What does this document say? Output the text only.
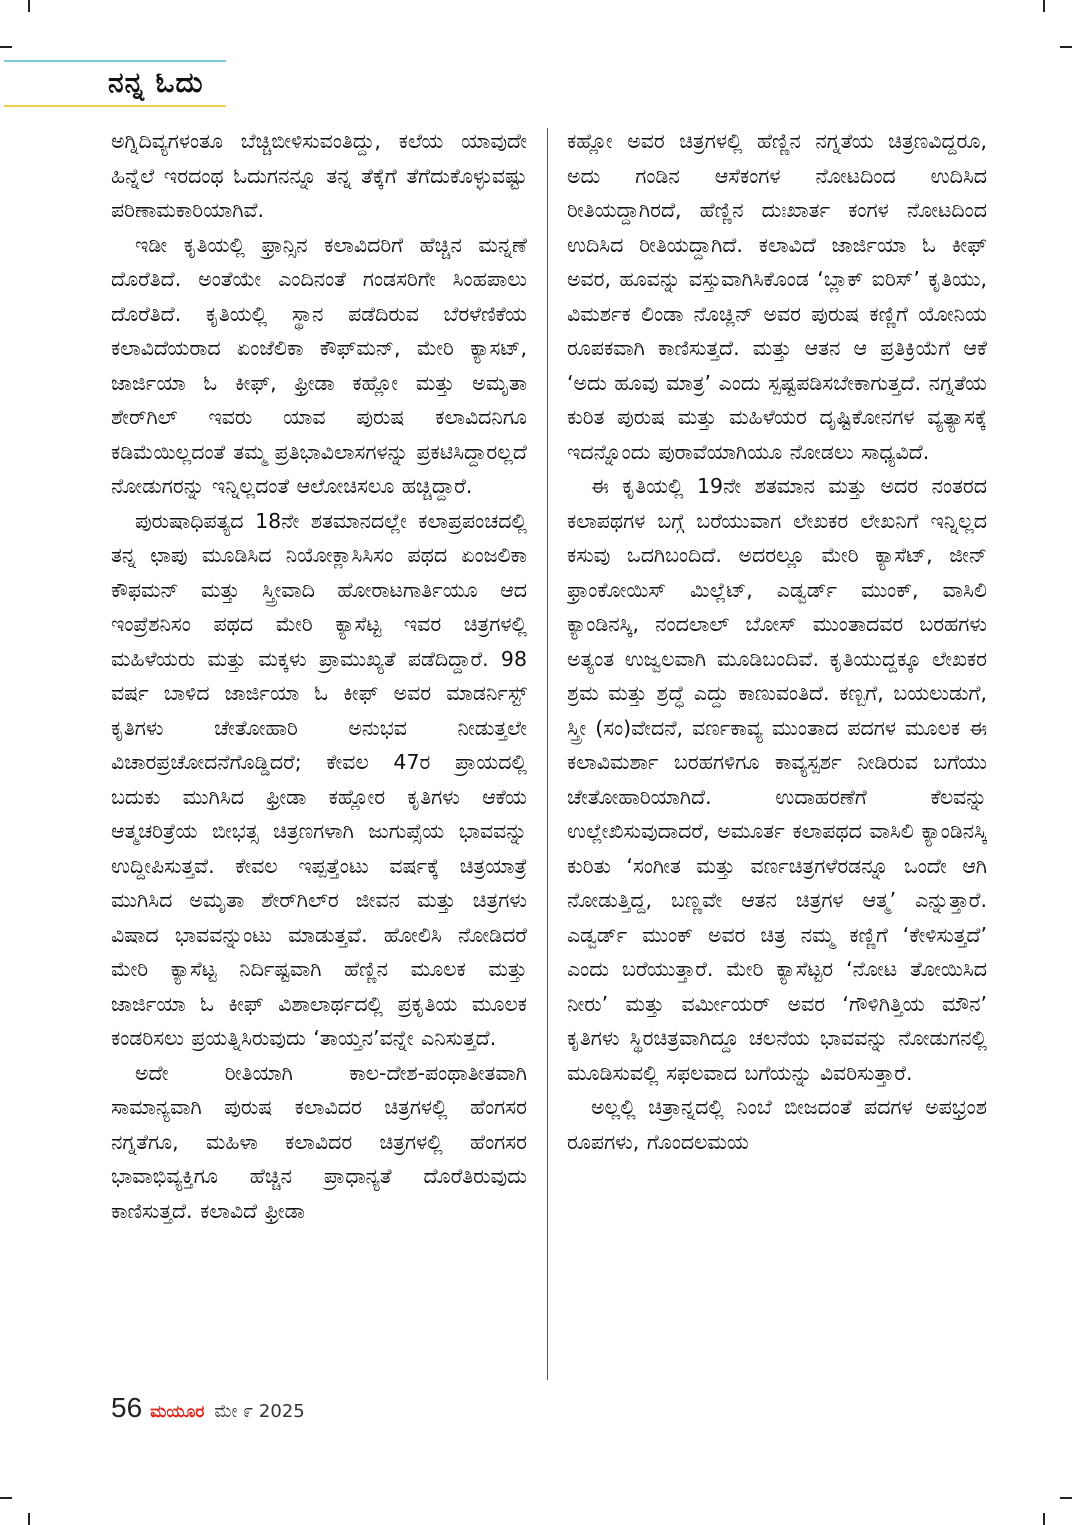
ನನ್ನ ಓದು

ಅಗ್ನಿದಿವ್ಯಗಳಂತೂ ಬೆಚ್ಚಿಬೀಳಿಸುವಂತಿದ್ದು, ಕಲೆಯ ಯಾವುದೇ ಹಿನ್ನೆಲೆ ಇರದಂಥ ಓದುಗನನ್ನೂ ತನ್ನ ತೆಕ್ಕೆಗೆ ತೆಗೆದುಕೊಳ್ಳುವಷ್ಟು ಪರಿಣಾಮಕಾರಿಯಾಗಿವೆ.

ಇಡೀ ಕೃತಿಯಲ್ಲಿ ಫ್ರಾನ್ಸಿನ ಕಲಾವಿದರಿಗೆ ಹೆಚ್ಚಿನ ಮನ್ನಣೆ ದೊರೆತಿದೆ. ಅಂತೆಯೇ ಎಂದಿನಂತೆ ಗಂಡಸರಿಗೇ ಸಿಂಹಪಾಲು ದೊರೆತಿದೆ. ಕೃತಿಯಲ್ಲಿ ಸ್ಥಾನ ಪಡೆದಿರುವ ಬೆರಳೆಣಿಕೆಯ ಕಲಾವಿದೆಯರಾದ ಏಂಜೆಲಿಕಾ ಕೌಫ್‌ಮನ್, ಮೇರಿ ಕ್ಯಾಸಟ್, ಜಾರ್ಜಿಯಾ ಓ ಕೀಫ್, ಫ್ರೀಡಾ ಕಹ್ಲೋ ಮತ್ತು ಅಮೃತಾ ಶೇರ್‌ಗಿಲ್ ಇವರು ಯಾವ ಪುರುಷ ಕಲಾವಿದನಿಗೂ ಕಡಿಮೆಯಿಲ್ಲದಂತೆ ತಮ್ಮ ಪ್ರತಿಭಾವಿಲಾಸಗಳನ್ನು ಪ್ರಕಟಿಸಿದ್ದಾರಲ್ಲದೆ ನೋಡುಗರನ್ನು ಇನ್ನಿಲ್ಲದಂತೆ ಆಲೋಚಿಸಲೂ ಹಚ್ಚಿದ್ದಾರೆ.

ಪುರುಷಾಧಿಪತ್ಯದ 18ನೇ ಶತಮಾನದಲ್ಲೇ ಕಲಾಪ್ರಪಂಚದಲ್ಲಿ ತನ್ನ ಛಾಪು ಮೂಡಿಸಿದ ನಿಯೋಕ್ಲಾಸಿಸಿಸಂ ಪಥದ ಏಂಜಲಿಕಾ ಕೌಫಮನ್ ಮತ್ತು ಸ್ತ್ರೀವಾದಿ ಹೋರಾಟಗಾರ್ತಿಯೂ ಆದ ಇಂಪ್ರೆಶನಿಸಂ ಪಥದ ಮೇರಿ ಕ್ಯಾಸೆಟ್ಟ ಇವರ ಚಿತ್ರಗಳಲ್ಲಿ ಮಹಿಳೆಯರು ಮತ್ತು ಮಕ್ಕಳು ಪ್ರಾಮುಖ್ಯತೆ ಪಡೆದಿದ್ದಾರೆ. 98 ವರ್ಷ ಬಾಳಿದ ಜಾರ್ಜಿಯಾ ಓ ಕೀಫ್ ಅವರ ಮಾಡರ್ನಿಸ್ಟ್ ಕೃತಿಗಳು ಚೇತೋಹಾರಿ ಅನುಭವ ನೀಡುತ್ತಲೇ ವಿಚಾರಪ್ರಚೋದನೆಗೊಡ್ಡಿದರೆ; ಕೇವಲ 47ರ ಪ್ರಾಯದಲ್ಲಿ ಬದುಕು ಮುಗಿಸಿದ ಫ್ರೀಡಾ ಕಹ್ಲೋರ ಕೃತಿಗಳು ಆಕೆಯ ಆತ್ಮಚರಿತ್ರೆಯ ಬೀಭತ್ಸ ಚಿತ್ರಣಗಳಾಗಿ ಜುಗುಪ್ಸೆಯ ಭಾವವನ್ನು ಉದ್ದೀಪಿಸುತ್ತವೆ. ಕೇವಲ ಇಪ್ಪತ್ತೆಂಟು ವರ್ಷಕ್ಕೆ ಚಿತ್ರಯಾತ್ರೆ ಮುಗಿಸಿದ ಅಮೃತಾ ಶೇರ್‌ಗಿಲ್‌ರ ಜೀವನ ಮತ್ತು ಚಿತ್ರಗಳು ವಿಷಾದ ಭಾವವನ್ನುಂಟು ಮಾಡುತ್ತವೆ. ಹೋಲಿಸಿ ನೋಡಿದರೆ ಮೇರಿ ಕ್ಯಾಸೆಟ್ಟ ನಿರ್ದಿಷ್ಟವಾಗಿ ಹೆಣ್ಣಿನ ಮೂಲಕ ಮತ್ತು ಜಾರ್ಜಿಯಾ ಓ ಕೀಫ್ ವಿಶಾಲಾರ್ಥದಲ್ಲಿ ಪ್ರಕೃತಿಯ ಮೂಲಕ ಕಂಡರಿಸಲು ಪ್ರಯತ್ನಿಸಿರುವುದು ‘ತಾಯ್ತನ’ವನ್ನೇ ಎನಿಸುತ್ತದೆ.

ಅದೇ ರೀತಿಯಾಗಿ ಕಾಲ-ದೇಶ-ಪಂಥಾತೀತವಾಗಿ ಸಾಮಾನ್ಯವಾಗಿ ಪುರುಷ ಕಲಾವಿದರ ಚಿತ್ರಗಳಲ್ಲಿ ಹೆಂಗಸರ ನಗ್ನತೆಗೂ, ಮಹಿಳಾ ಕಲಾವಿದರ ಚಿತ್ರಗಳಲ್ಲಿ ಹೆಂಗಸರ ಭಾವಾಭಿವ್ಯಕ್ತಿಗೂ ಹೆಚ್ಚಿನ ಪ್ರಾಧಾನ್ಯತೆ ದೊರೆತಿರುವುದು ಕಾಣಿಸುತ್ತದೆ. ಕಲಾವಿದೆ ಫ್ರೀಡಾ

ಕಹ್ಲೋ ಅವರ ಚಿತ್ರಗಳಲ್ಲಿ ಹೆಣ್ಣಿನ ನಗ್ನತೆಯ ಚಿತ್ರಣವಿದ್ದರೂ, ಅದು ಗಂಡಿನ ಆಸೆಕಂಗಳ ನೋಟದಿಂದ ಉದಿಸಿದ ರೀತಿಯದ್ದಾಗಿರದೆ, ಹೆಣ್ಣಿನ ದುಃಖಾರ್ತ ಕಂಗಳ ನೋಟದಿಂದ ಉದಿಸಿದ ರೀತಿಯದ್ದಾಗಿದೆ. ಕಲಾವಿದೆ ಜಾರ್ಜಿಯಾ ಓ ಕೀಫ್ ಅವರ, ಹೂವನ್ನು ವಸ್ತುವಾಗಿಸಿಕೊಂಡ ‘ಬ್ಲಾಕ್ ಐರಿಸ್’ ಕೃತಿಯು, ವಿಮರ್ಶಕ ಲಿಂಡಾ ನೊಚ್ಲಿನ್ ಅವರ ಪುರುಷ ಕಣ್ಣಿಗೆ ಯೋನಿಯ ರೂಪಕವಾಗಿ ಕಾಣಿಸುತ್ತದೆ. ಮತ್ತು ಆತನ ಆ ಪ್ರತಿಕ್ರಿಯೆಗೆ ಆಕೆ ‘ಅದು ಹೂವು ಮಾತ್ರ’ ಎಂದು ಸ್ಪಷ್ಟಪಡಿಸಬೇಕಾಗುತ್ತದೆ. ನಗ್ನತೆಯ ಕುರಿತ ಪುರುಷ ಮತ್ತು ಮಹಿಳೆಯರ ದೃಷ್ಟಿಕೋನಗಳ ವ್ಯತ್ಯಾಸಕ್ಕೆ ಇದನ್ನೊಂದು ಪುರಾವೆಯಾಗಿಯೂ ನೋಡಲು ಸಾಧ್ಯವಿದೆ.

ಈ ಕೃತಿಯಲ್ಲಿ 19ನೇ ಶತಮಾನ ಮತ್ತು ಅದರ ನಂತರದ ಕಲಾಪಥಗಳ ಬಗ್ಗೆ ಬರೆಯುವಾಗ ಲೇಖಕರ ಲೇಖನಿಗೆ ಇನ್ನಿಲ್ಲದ ಕಸುವು ಒದಗಿಬಂದಿದೆ. ಅದರಲ್ಲೂ ಮೇರಿ ಕ್ಯಾಸೆಟ್, ಜೀನ್ ಫ್ರಾಂಕೋಯಿಸ್ ಮಿಲ್ಲೆಟ್, ಎಡ್ವರ್ಡ್ ಮುಂಕ್, ವಾಸಿಲಿ ಕ್ಯಾಂಡಿನಸ್ಕಿ, ನಂದಲಾಲ್ ಬೋಸ್ ಮುಂತಾದವರ ಬರಹಗಳು ಅತ್ಯಂತ ಉಜ್ವಲವಾಗಿ ಮೂಡಿಬಂದಿವೆ. ಕೃತಿಯುದ್ದಕ್ಕೂ ಲೇಖಕರ ಶ್ರಮ ಮತ್ತು ಶ್ರದ್ಧೆ ಎದ್ದು ಕಾಣುವಂತಿದೆ. ಕಣ್ಬಗೆ, ಬಯಲುಡುಗೆ, ಸ್ತ್ರೀ (ಸಂ)ವೇದನೆ, ವರ್ಣಕಾವ್ಯ ಮುಂತಾದ ಪದಗಳ ಮೂಲಕ ಈ ಕಲಾವಿಮರ್ಶಾ ಬರಹಗಳಿಗೂ ಕಾವ್ಯಸ್ಪರ್ಶ ನೀಡಿರುವ ಬಗೆಯು ಚೇತೋಹಾರಿಯಾಗಿದೆ. ಉದಾಹರಣೆಗೆ ಕೆಲವನ್ನು ಉಲ್ಲೇಖಿಸುವುದಾದರೆ, ಅಮೂರ್ತ ಕಲಾಪಥದ ವಾಸಿಲಿ ಕ್ಯಾಂಡಿನಸ್ಕಿ ಕುರಿತು ‘ಸಂಗೀತ ಮತ್ತು ವರ್ಣಚಿತ್ರಗಳೆರಡನ್ನೂ ಒಂದೇ ಆಗಿ ನೋಡುತ್ತಿದ್ದ, ಬಣ್ಣವೇ ಆತನ ಚಿತ್ರಗಳ ಆತ್ಮ’ ಎನ್ನುತ್ತಾರೆ. ಎಡ್ವರ್ಡ್ ಮುಂಕ್ ಅವರ ಚಿತ್ರ ನಮ್ಮ ಕಣ್ಣಿಗೆ ‘ಕೇಳಿಸುತ್ತದೆ’ ಎಂದು ಬರೆಯುತ್ತಾರೆ. ಮೇರಿ ಕ್ಯಾಸೆಟ್ಟರ ‘ನೋಟ ತೋಯಿಸಿದ ನೀರು’ ಮತ್ತು ವರ್ಮೀಯರ್ ಅವರ ‘ಗೌಳಿಗಿತ್ತಿಯ ಮೌನ’ ಕೃತಿಗಳು ಸ್ಥಿರಚಿತ್ರವಾಗಿದ್ದೂ ಚಲನೆಯ ಭಾವವನ್ನು ನೋಡುಗನಲ್ಲಿ ಮೂಡಿಸುವಲ್ಲಿ ಸಫಲವಾದ ಬಗೆಯನ್ನು ವಿವರಿಸುತ್ತಾರೆ.

ಅಲ್ಲಲ್ಲಿ ಚಿತ್ರಾನ್ನದಲ್ಲಿ ನಿಂಬೆ ಬೀಜದಂತೆ ಪದಗಳ ಅಪಭ್ರಂಶ ರೂಪಗಳು, ಗೊಂದಲಮಯ

56 ಮಯೂರ ಮೇ ೯ 2025
